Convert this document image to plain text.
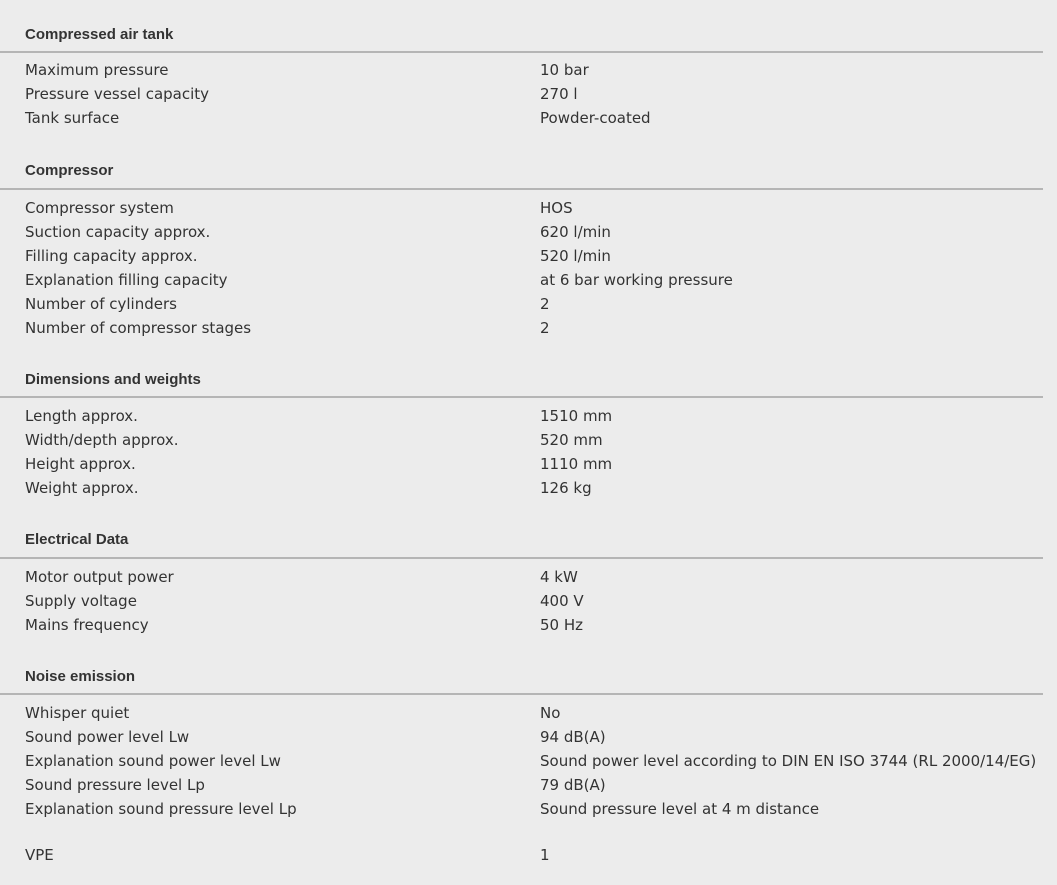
Compressed air tank
Maximum pressure	10 bar
Pressure vessel capacity	270 l
Tank surface	Powder-coated
Compressor
Compressor system	HOS
Suction capacity approx.	620 l/min
Filling capacity approx.	520 l/min
Explanation filling capacity	at 6 bar working pressure
Number of cylinders	2
Number of compressor stages	2
Dimensions and weights
Length approx.	1510 mm
Width/depth approx.	520 mm
Height approx.	1110 mm
Weight approx.	126 kg
Electrical Data
Motor output power	4 kW
Supply voltage	400 V
Mains frequency	50 Hz
Noise emission
Whisper quiet	No
Sound power level Lw	94 dB(A)
Explanation sound power level Lw	Sound power level according to DIN EN ISO 3744 (RL 2000/14/EG)
Sound pressure level Lp	79 dB(A)
Explanation sound pressure level Lp	Sound pressure level at 4 m distance
VPE	1
